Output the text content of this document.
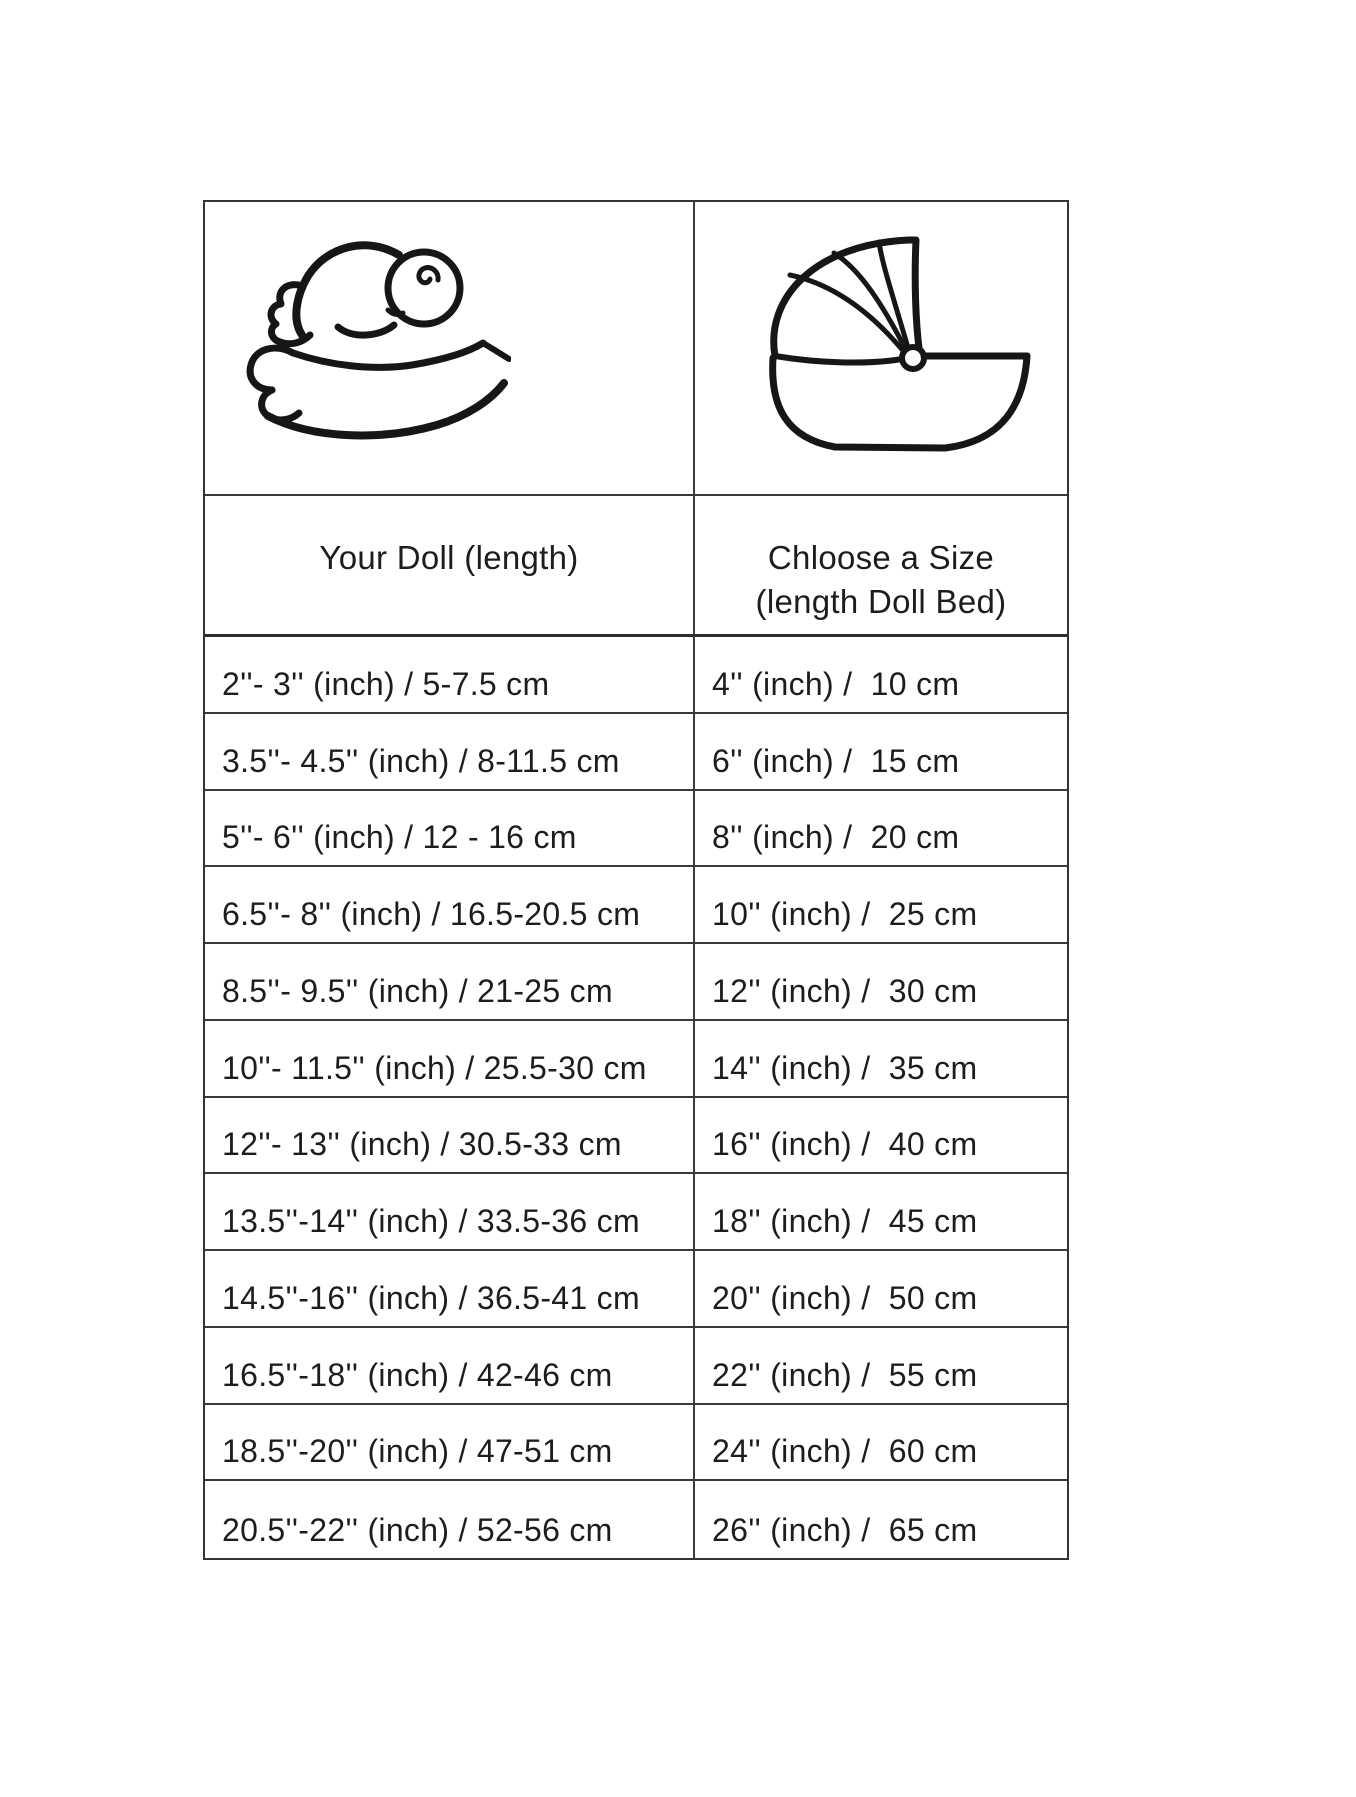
Your Doll (length)	Chloose a Size
(length Doll Bed)
2''- 3'' (inch) / 5-7.5 cm	4'' (inch) /  10 cm
3.5''- 4.5'' (inch) / 8-11.5 cm	6'' (inch) /  15 cm
5''- 6'' (inch) / 12 - 16 cm	8'' (inch) /  20 cm
6.5''- 8'' (inch) / 16.5-20.5 cm	10'' (inch) /  25 cm
8.5''- 9.5'' (inch) / 21-25 cm	12'' (inch) /  30 cm
10''- 11.5'' (inch) / 25.5-30 cm	14'' (inch) /  35 cm
12''- 13'' (inch) / 30.5-33 cm	16'' (inch) /  40 cm
13.5''-14'' (inch) / 33.5-36 cm	18'' (inch) /  45 cm
14.5''-16'' (inch) / 36.5-41 cm	20'' (inch) /  50 cm
16.5''-18'' (inch) / 42-46 cm	22'' (inch) /  55 cm
18.5''-20'' (inch) / 47-51 cm	24'' (inch) /  60 cm
20.5''-22'' (inch) / 52-56 cm	26'' (inch) /  65 cm
